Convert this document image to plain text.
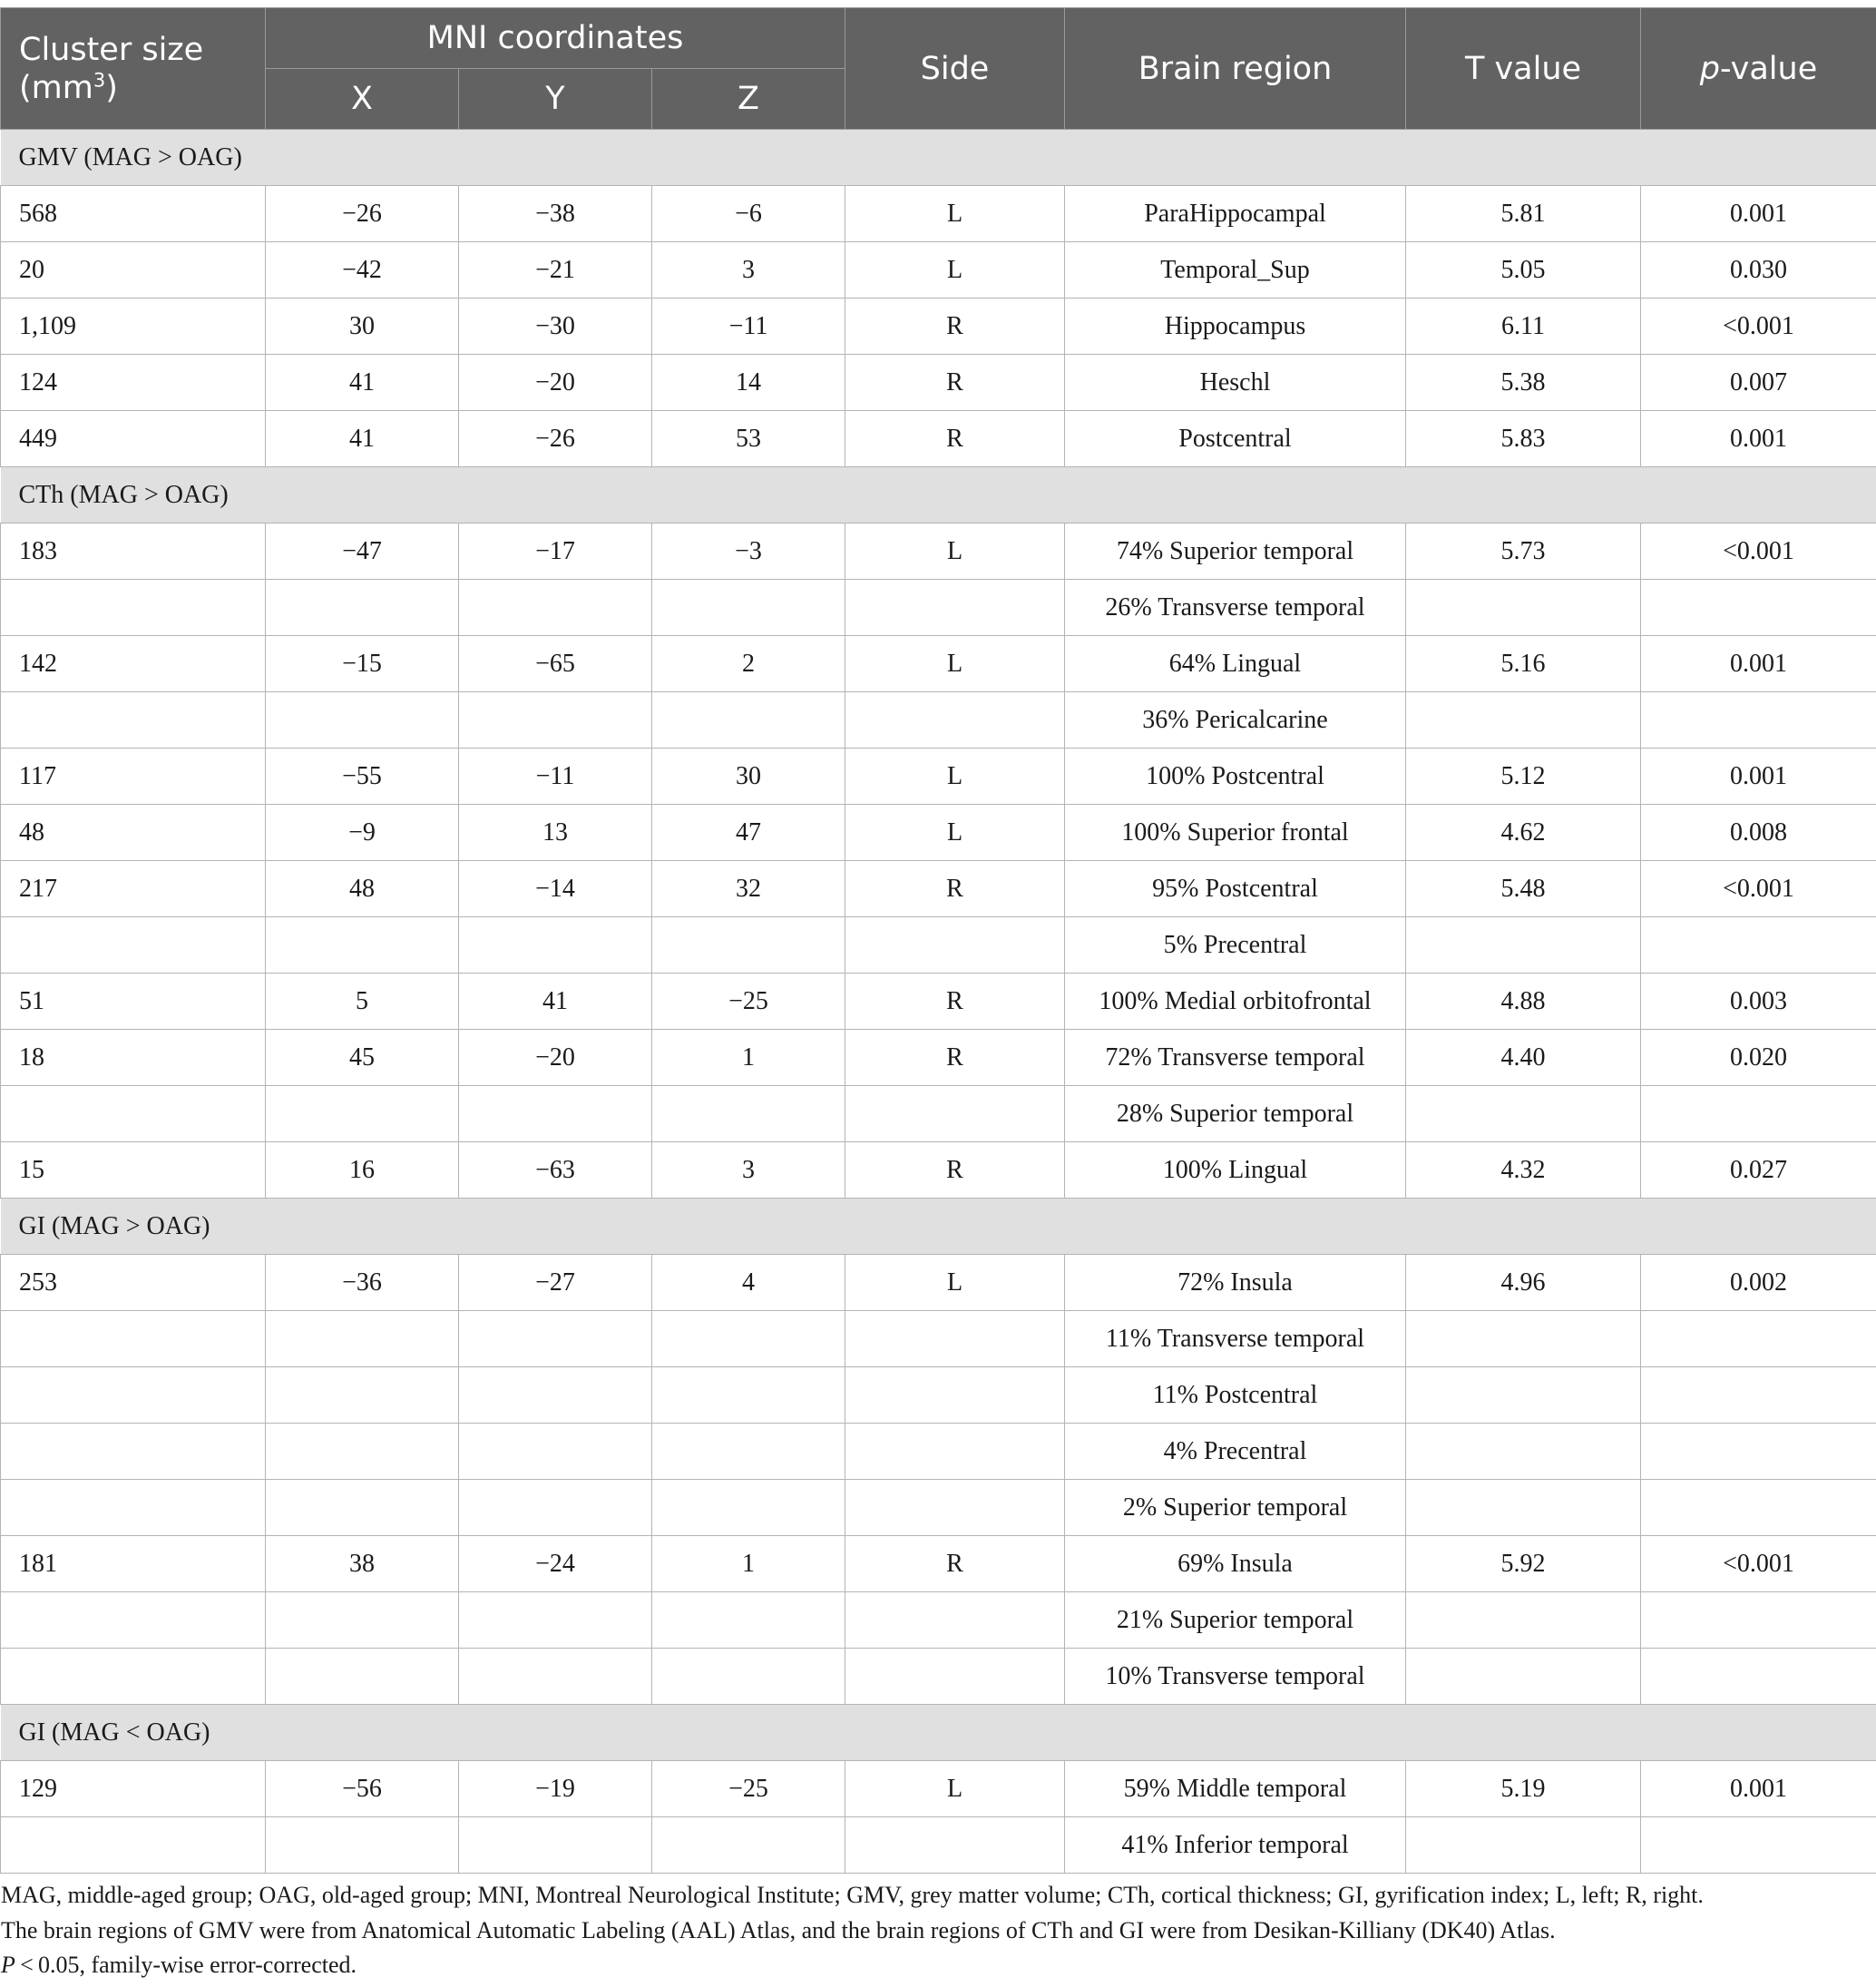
Cluster size
$(mm^3)$	MNI coordinates			Side	Brain region	T value	p-value
	X	Y	Z				
GMV (MAG > OAG)							
568	−26	−38	−6	L	ParaHippocampal	5.81	0.001
20	−42	−21	3	L	Temporal_Sup	5.05	0.030
1,109	30	−30	−11	R	Hippocampus	6.11	<0.001
124	41	−20	14	R	Heschl	5.38	0.007
449	41	−26	53	R	Postcentral	5.83	0.001
CTh (MAG > OAG)							
183	−47	−17	−3	L	74% Superior temporal	5.73	<0.001
					26% Transverse temporal		
142	−15	−65	2	L	64% Lingual	5.16	0.001
					36% Pericalcarine		
117	−55	−11	30	L	100% Postcentral	5.12	0.001
48	−9	13	47	L	100% Superior frontal	4.62	0.008
217	48	−14	32	R	95% Postcentral	5.48	<0.001
					5% Precentral		
51	5	41	−25	R	100% Medial orbitofrontal	4.88	0.003
18	45	−20	1	R	72% Transverse temporal	4.40	0.020
					28% Superior temporal		
15	16	−63	3	R	100% Lingual	4.32	0.027
GI (MAG > OAG)							
253	−36	−27	4	L	72% Insula	4.96	0.002
					11% Transverse temporal		
					11% Postcentral		
					4% Precentral		
					2% Superior temporal		
181	38	−24	1	R	69% Insula	5.92	<0.001
					21% Superior temporal		
					10% Transverse temporal		
GI (MAG < OAG)							
129	−56	−19	−25	L	59% Middle temporal	5.19	0.001
					41% Inferior temporal		

MAG, middle-aged group; OAG, old-aged group; MNI, Montreal Neurological Institute; GMV, grey matter volume; CTh, cortical thickness; GI, gyrification index; L, left; R, right.

The brain regions of GMV were from Anatomical Automatic Labeling (AAL) Atlas, and the brain regions of CTh and GI were from Desikan-Killiany (DK40) Atlas.

P < 0.05, family-wise error-corrected.
